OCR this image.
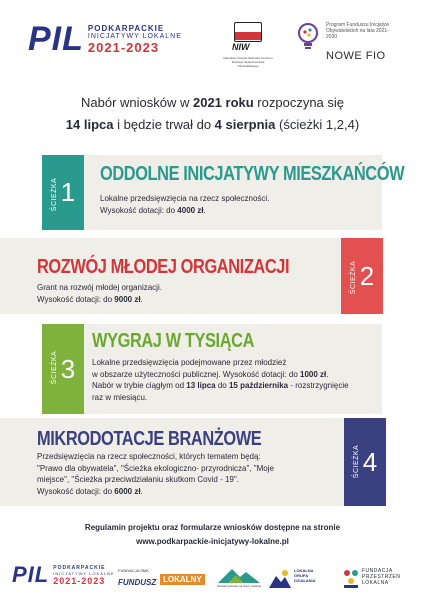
PIL PODKARPACKIE
INICJATYWY LOKALNE
2021-2023	NIW
Narodowy Instytut Wolności Centrum Rozwoju Społeczeństwa Obywatelskiego
Program Funduszu Inicjatyw Obywatelskich na lata 2021-2030
NOWE FIO
Nabór wniosków w 2021 roku rozpoczyna się
14 lipca i będzie trwał do 4 sierpnia (ścieżki 1,2,4)
ŚCIEŻKA 1
ODDOLNE INICJATYWY MIESZKAŃCÓW
Lokalne przedsięwzięcia na rzecz społeczności.
Wysokość dotacji: do 4000 zł.
ŚCIEŻKA 2
ROZWÓJ MŁODEJ ORGANIZACJI
Grant na rozwój młodej organizacji.
Wysokość dotacji: do 9000 zł.
ŚCIEŻKA 3
WYGRAJ W TYSIĄCA
Lokalne przedsięwzięcia podejmowane przez młodzież
w obszarze użyteczności publicznej. Wysokość dotacji: do 1000 zł.
Nabór w trybie ciągłym od 13 lipca do 15 października - rozstrzygnięcie
raz w miesiącu.
ŚCIEŻKA 4
MIKRODOTACJE BRANŻOWE
Przedsięwzięcia na rzecz społeczności, których tematem będą:
"Prawo dla obywatela", "Ścieżka ekologiczno- przyrodnicza", "Moje
miejsce", "Ścieżka przeciwdziałaniu skutkom Covid - 19".
Wysokość dotacji: do 6000 zł.
Regulamin projektu oraz formularze wniosków dostępne na stronie
www.podkarpackie-inicjatywy-lokalne.pl
PIL PODKARPACKIE
INICJATYWY LOKALNE
2021-2023
FUNDACJA SMK
FUNDUSZ LOKALNY
Stowarzyszenie na rzecz rozwoju
LOKALNA
GRUPA
DZIAŁANIA
FUNDACJA
PRZESTRZEŃ
LOKALNA
